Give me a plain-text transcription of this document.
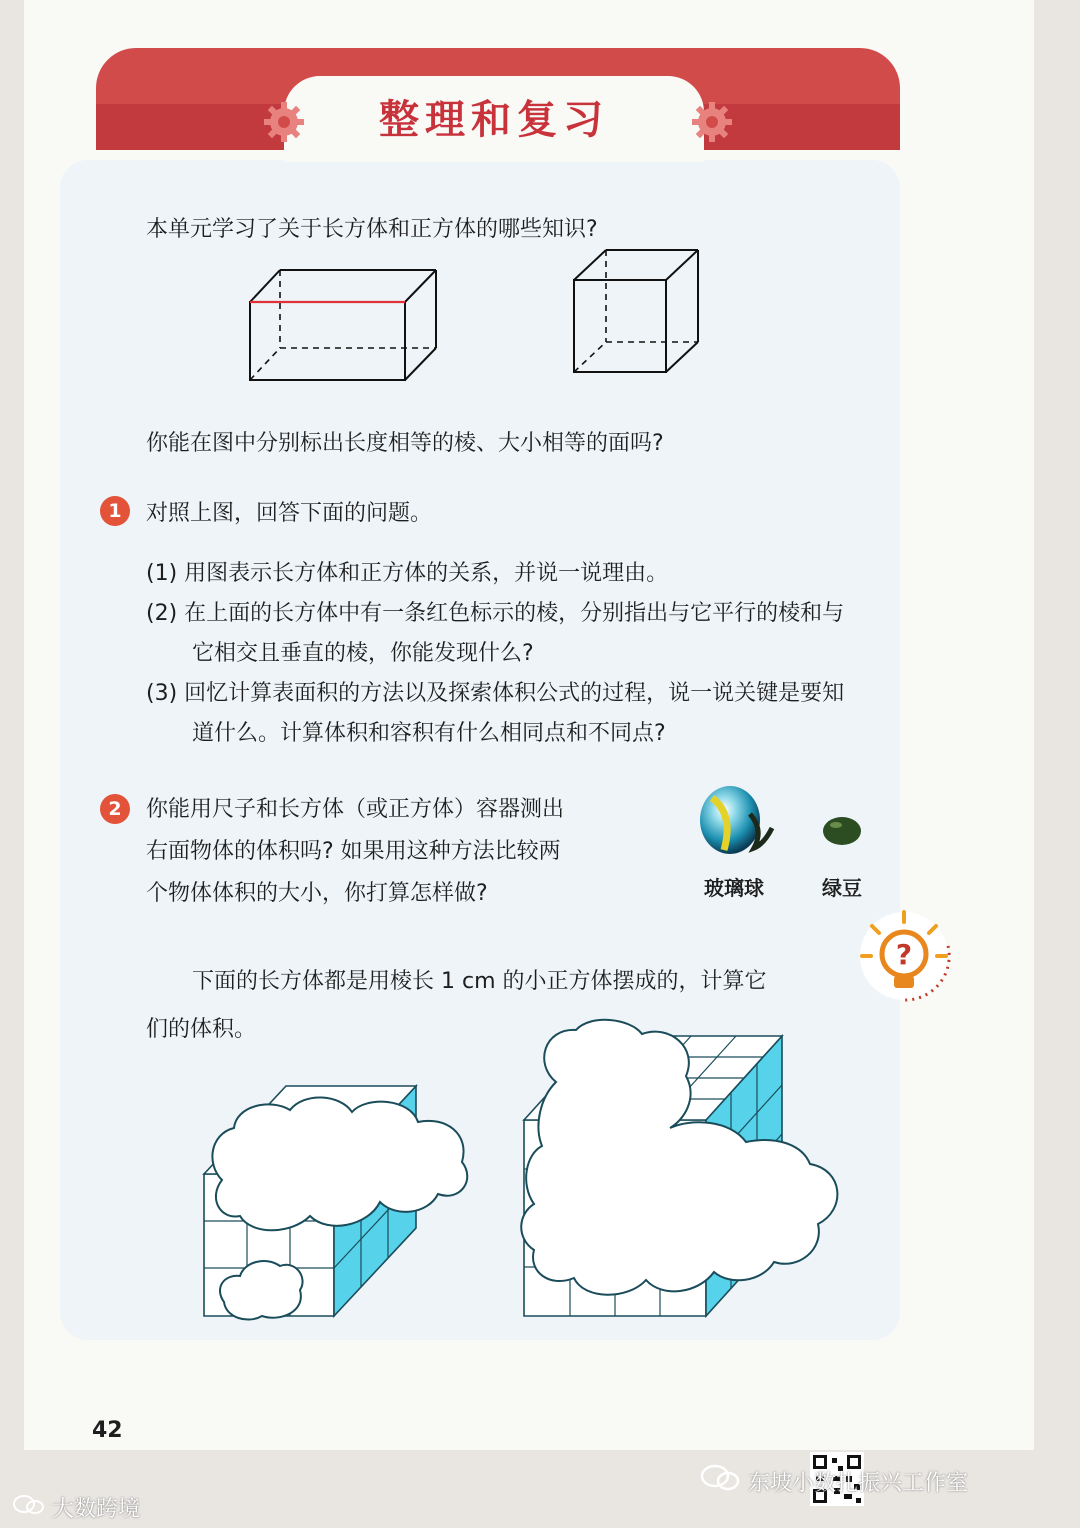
整理和复习
本单元学习了关于长方体和正方体的哪些知识?
你能在图中分别标出长度相等的棱、大小相等的面吗?
1	对照上图，回答下面的问题。
(1) 用图表示长方体和正方体的关系，并说一说理由。
(2) 在上面的长方体中有一条红色标示的棱，分别指出与它平行的棱和与
它相交且垂直的棱，你能发现什么?
(3) 回忆计算表面积的方法以及探索体积公式的过程，说一说关键是要知
道什么。计算体积和容积有什么相同点和不同点?
2	你能用尺子和长方体（或正方体）容器测出
右面物体的体积吗? 如果用这种方法比较两
个物体体积的大小，你打算怎样做?	玻璃球	绿豆
?
下面的长方体都是用棱长 1 cm 的小正方体摆成的，计算它
们的体积。
42
大数跨境
东坡小数扎振兴工作室
